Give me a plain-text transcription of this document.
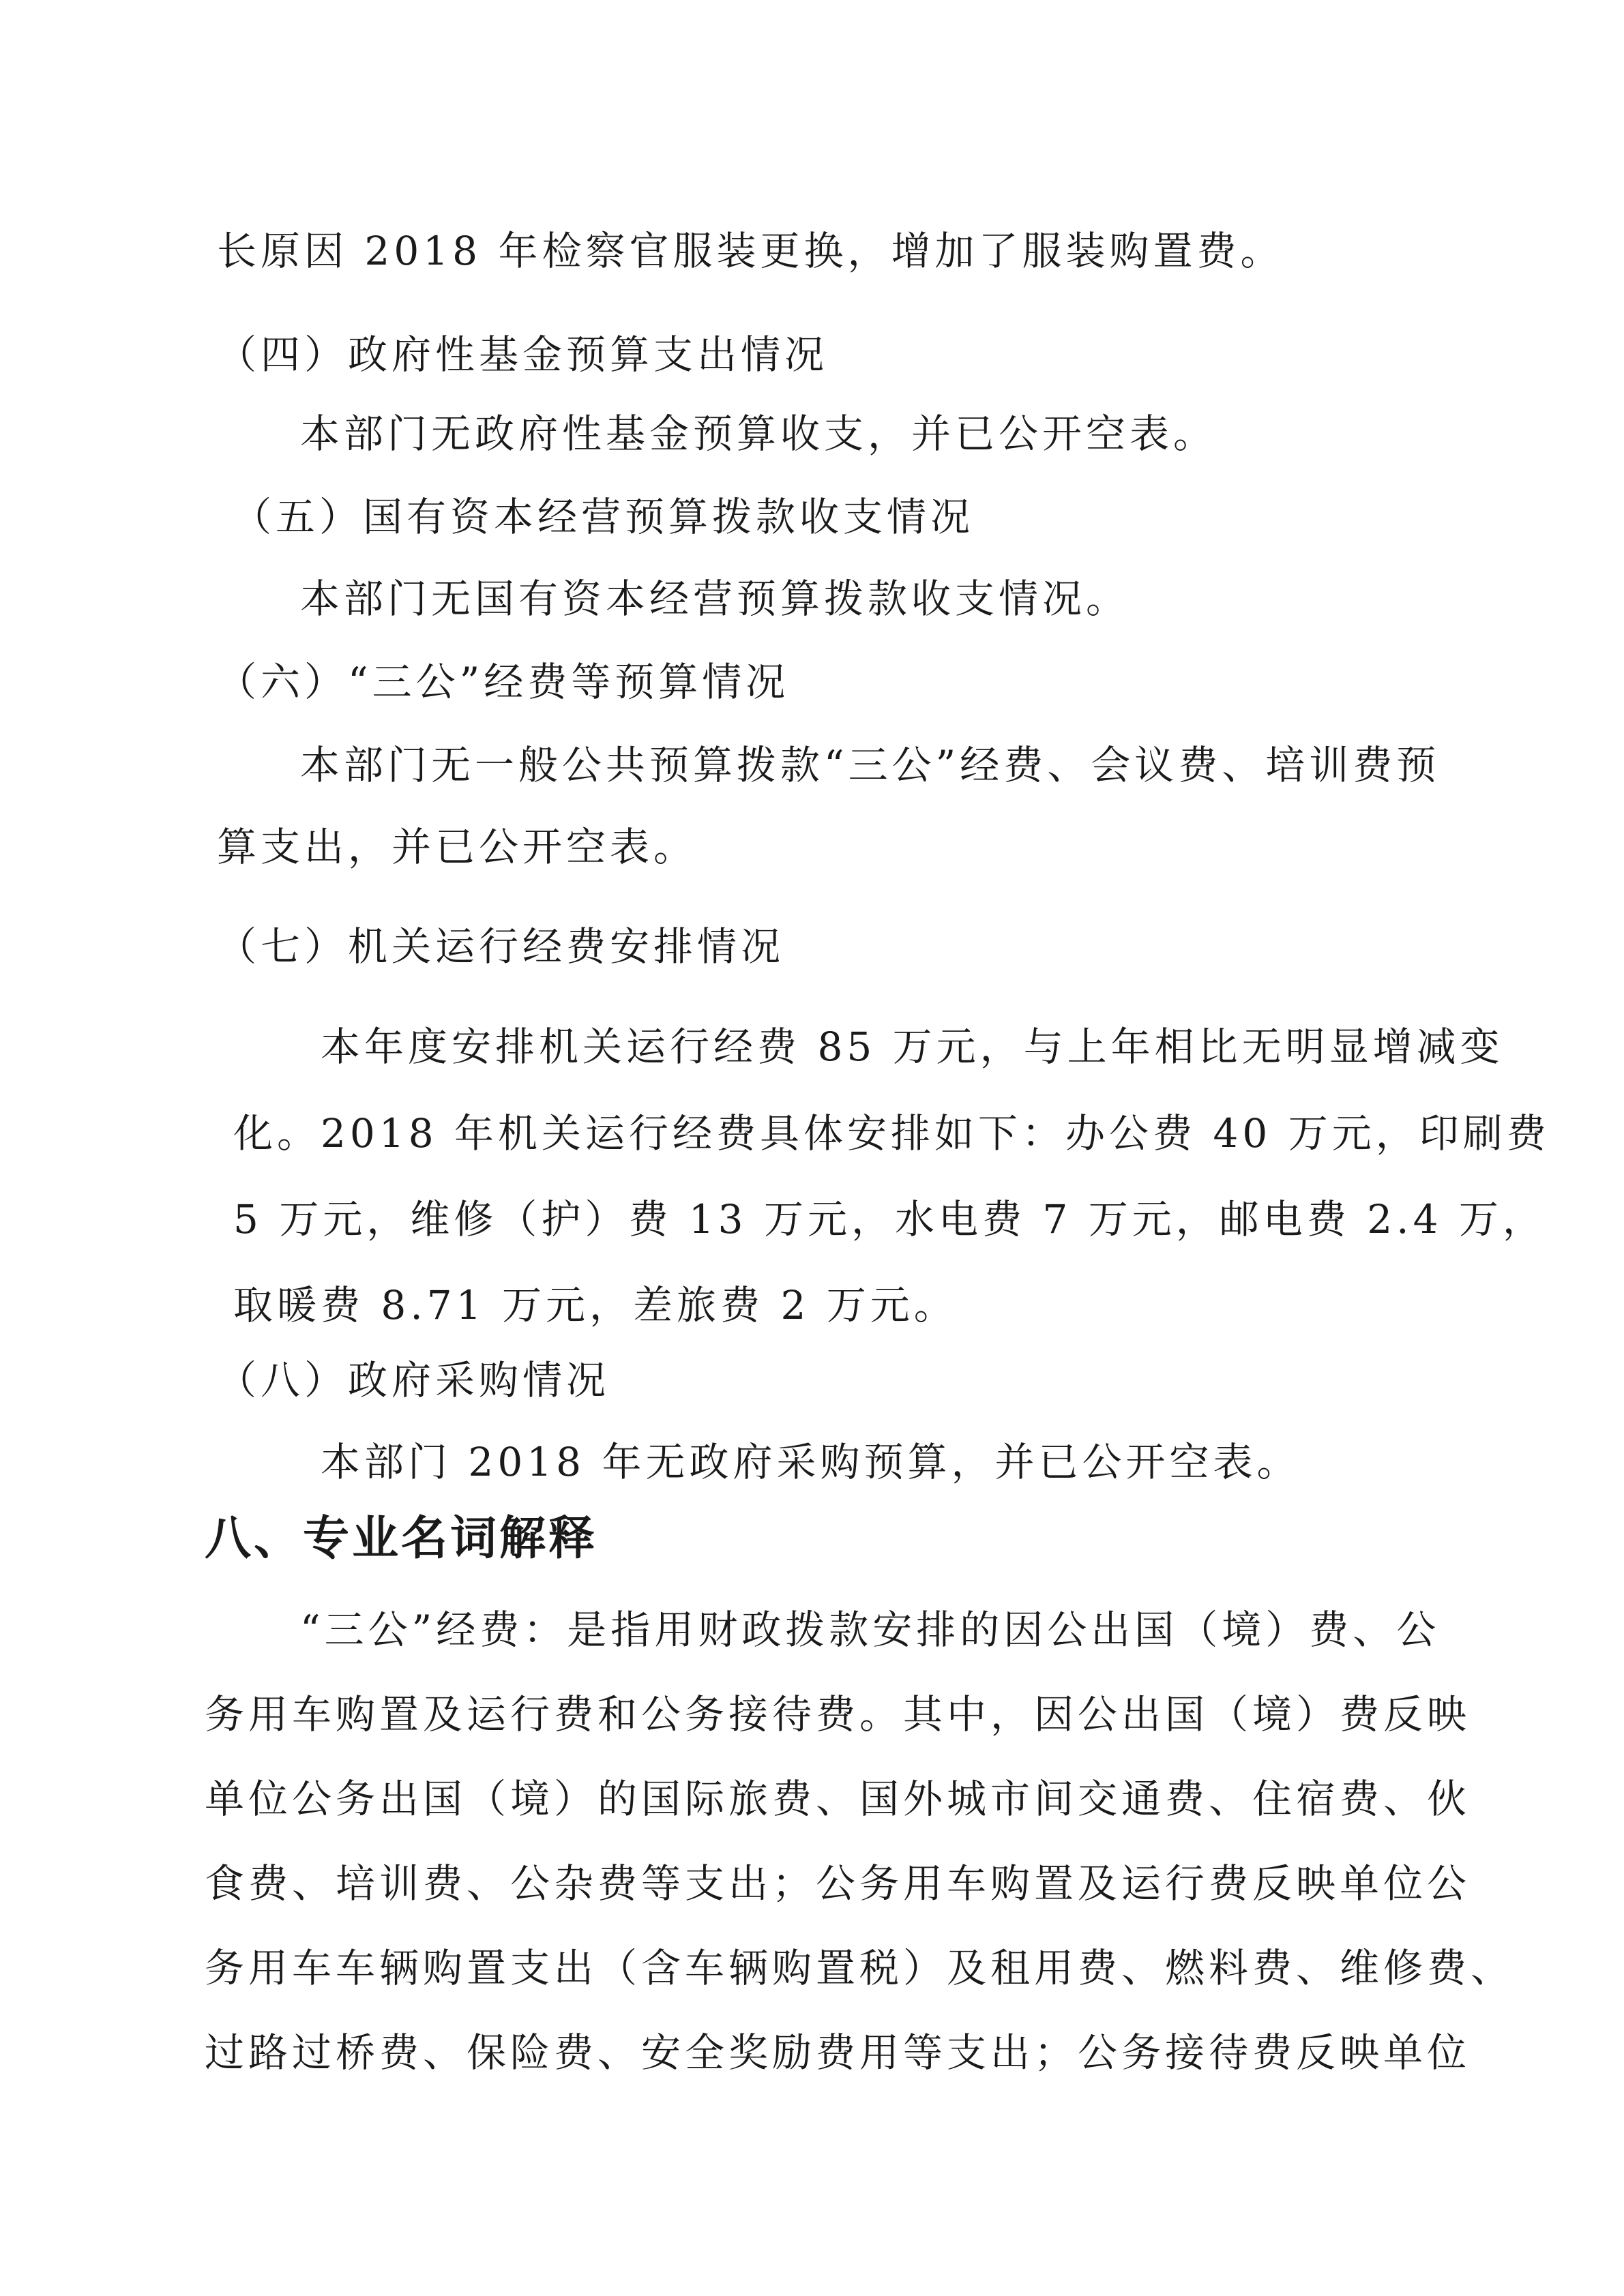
长原因 2018 年检察官服装更换，增加了服装购置费。

（四）政府性基金预算支出情况

本部门无政府性基金预算收支，并已公开空表。

（五）国有资本经营预算拨款收支情况

本部门无国有资本经营预算拨款收支情况。

（六）“三公”经费等预算情况

本部门无一般公共预算拨款“三公”经费、会议费、培训费预

算支出，并已公开空表。

（七）机关运行经费安排情况

本年度安排机关运行经费 85 万元，与上年相比无明显增减变

化。2018 年机关运行经费具体安排如下：办公费 40 万元，印刷费

5 万元，维修（护）费 13 万元，水电费 7 万元，邮电费 2.4 万，

取暖费 8.71 万元，差旅费 2 万元。

（八）政府采购情况

本部门 2018 年无政府采购预算，并已公开空表。

八、专业名词解释

“三公”经费：是指用财政拨款安排的因公出国（境）费、公

务用车购置及运行费和公务接待费。其中，因公出国（境）费反映

单位公务出国（境）的国际旅费、国外城市间交通费、住宿费、伙

食费、培训费、公杂费等支出；公务用车购置及运行费反映单位公

务用车车辆购置支出（含车辆购置税）及租用费、燃料费、维修费、

过路过桥费、保险费、安全奖励费用等支出；公务接待费反映单位
